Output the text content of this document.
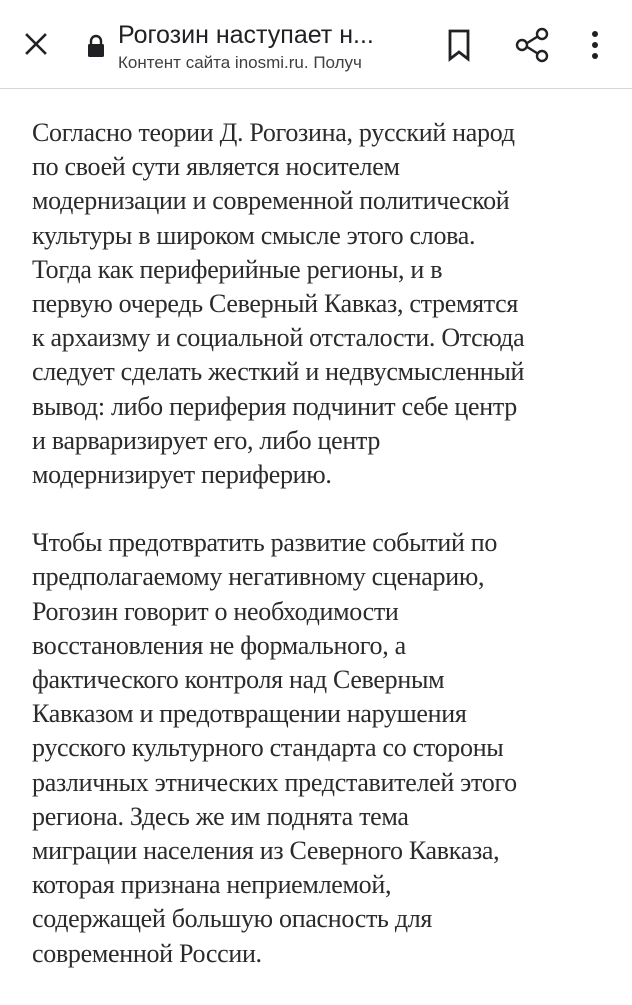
Рогозин наступает н...
Контент сайта inosmi.ru. Получ
Согласно теории Д. Рогозина, русский народ
по своей сути является носителем
модернизации и современной политической
культуры в широком смысле этого слова.
Тогда как периферийные регионы, и в
первую очередь Северный Кавказ, стремятся
к архаизму и социальной отсталости. Отсюда
следует сделать жесткий и недвусмысленный
вывод: либо периферия подчинит себе центр
и варваризирует его, либо центр
модернизирует периферию.
Чтобы предотвратить развитие событий по
предполагаемому негативному сценарию,
Рогозин говорит о необходимости
восстановления не формального, а
фактического контроля над Северным
Кавказом и предотвращении нарушения
русского культурного стандарта со стороны
различных этнических представителей этого
региона. Здесь же им поднята тема
миграции населения из Северного Кавказа,
которая признана неприемлемой,
содержащей большую опасность для
современной России.
